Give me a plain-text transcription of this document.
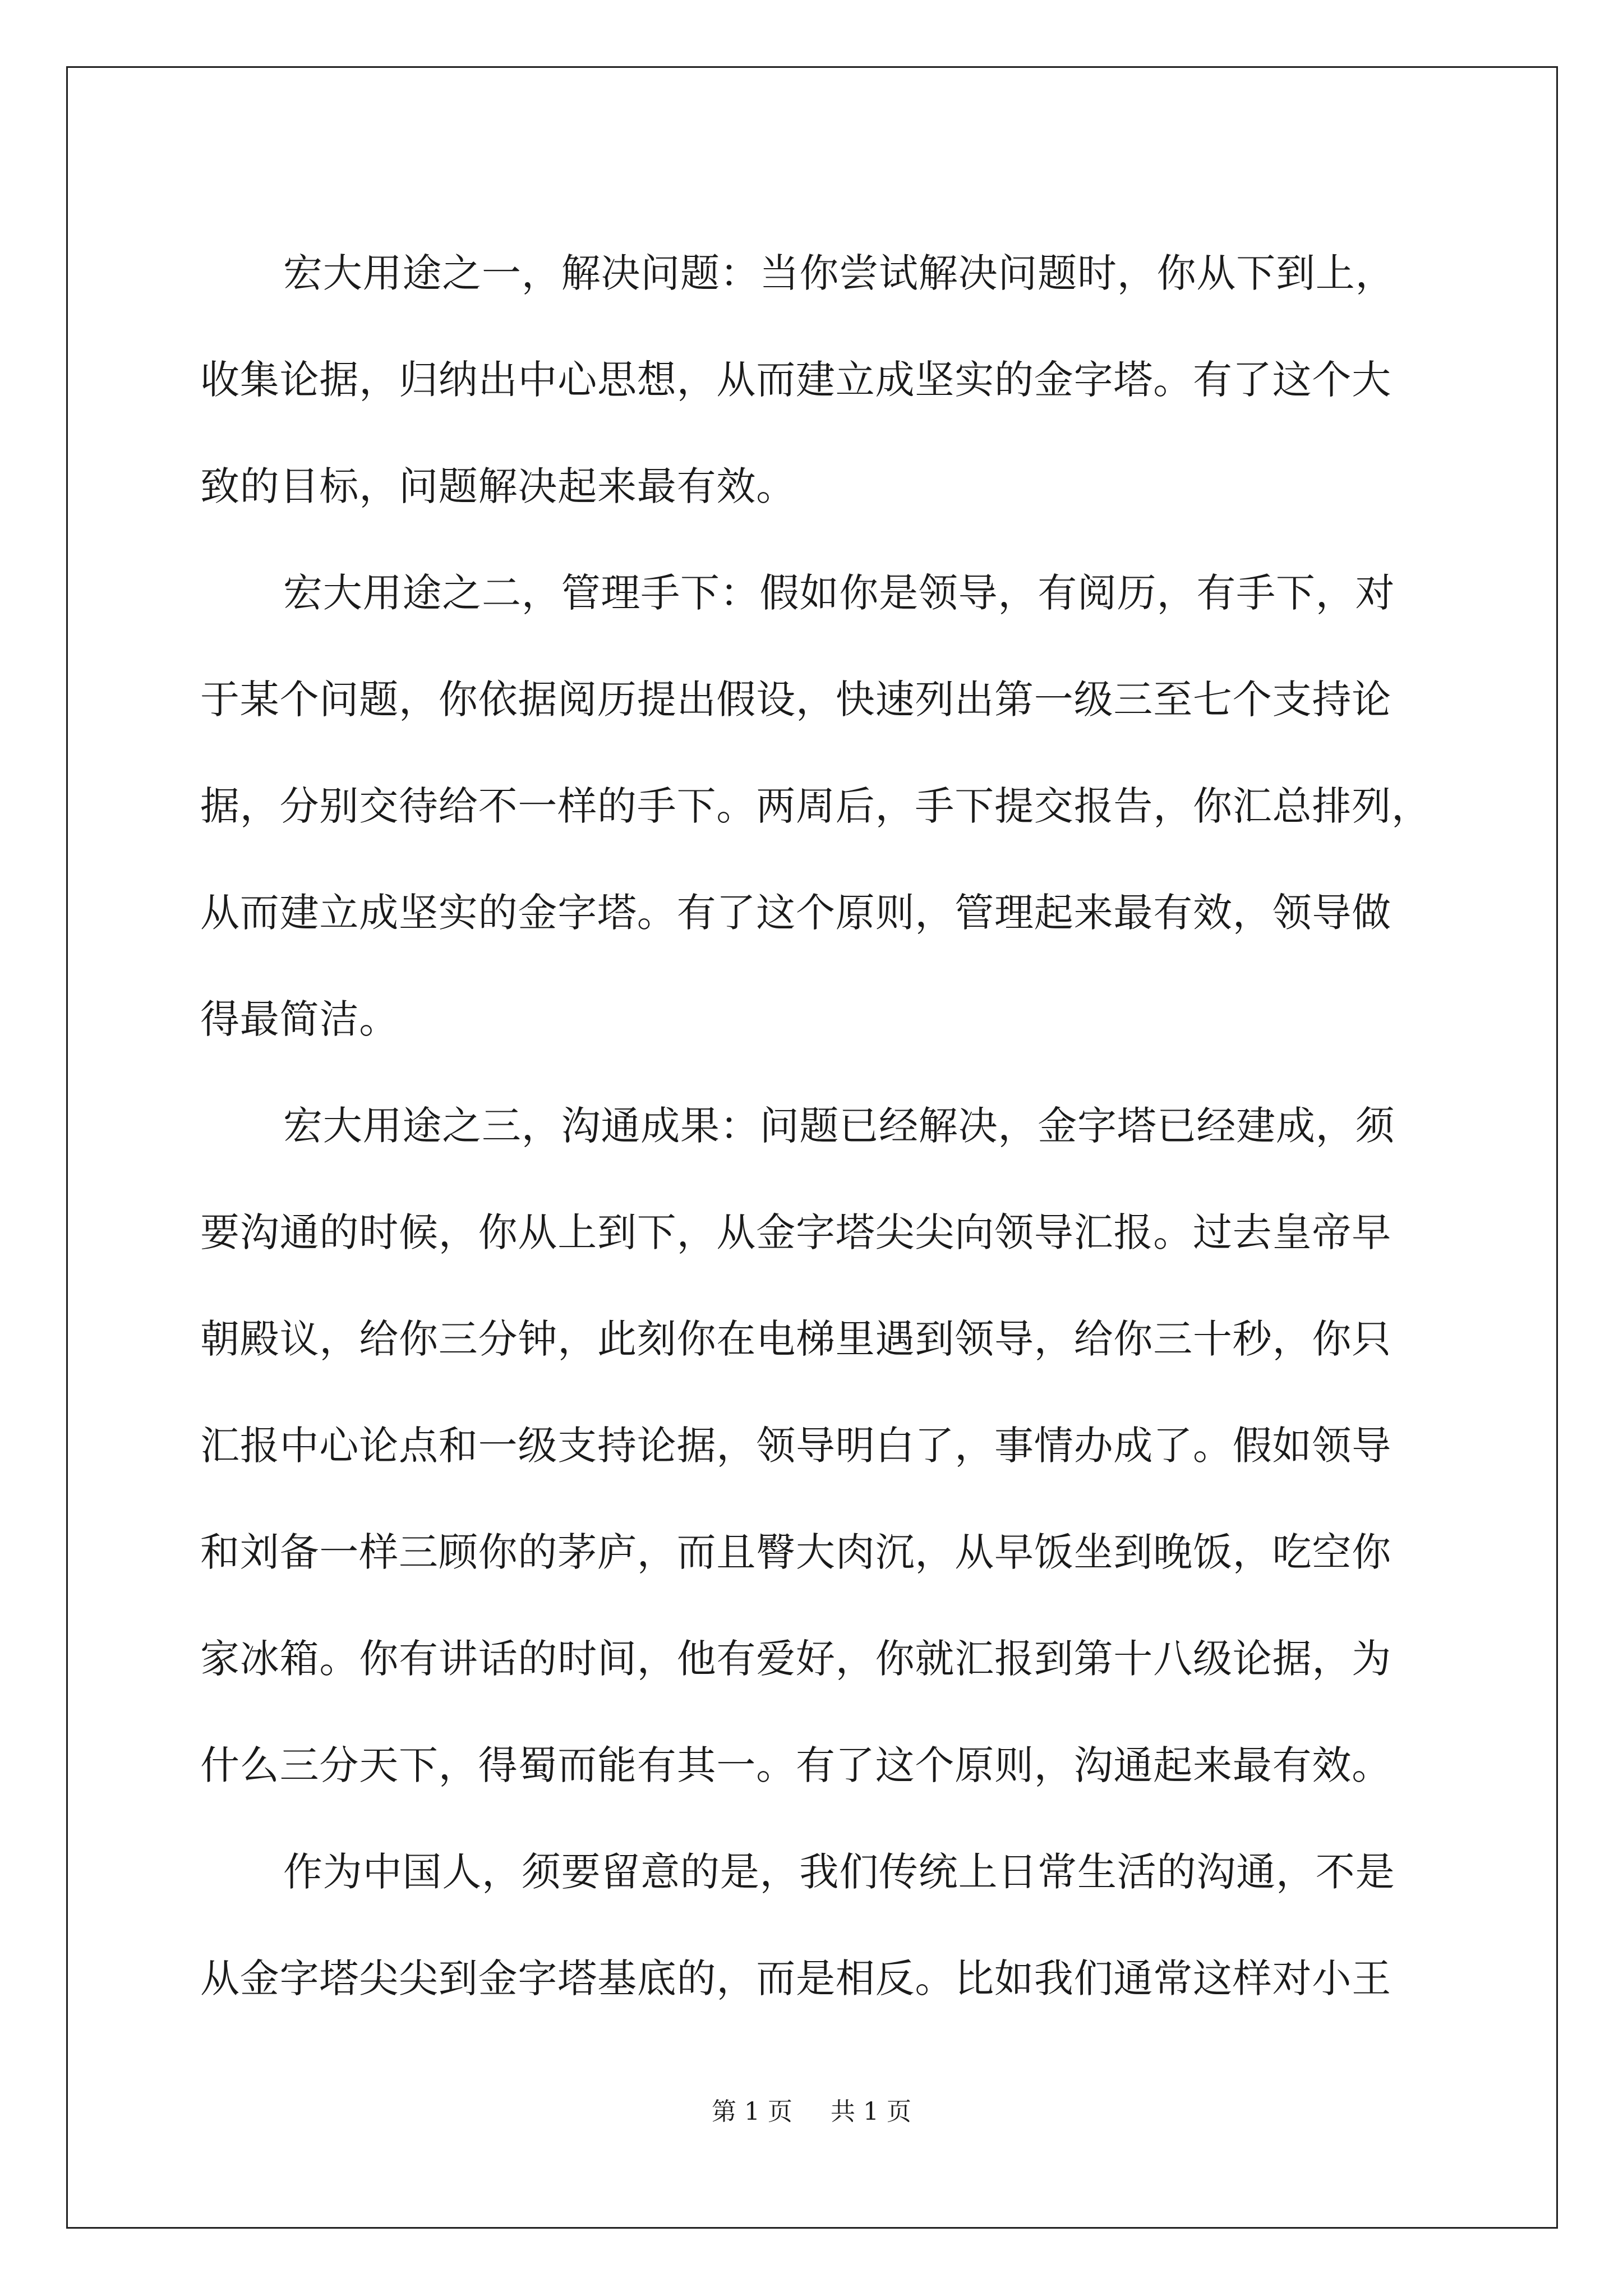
宏大用途之一，解决问题：当你尝试解决问题时，你从下到上，
收集论据，归纳出中心思想，从而建立成坚实的金字塔。有了这个大
致的目标，问题解决起来最有效。
宏大用途之二，管理手下：假如你是领导，有阅历，有手下，对
于某个问题，你依据阅历提出假设，快速列出第一级三至七个支持论
据，分别交待给不一样的手下。两周后，手下提交报告，你汇总排列，
从而建立成坚实的金字塔。有了这个原则，管理起来最有效，领导做
得最简洁。
宏大用途之三，沟通成果：问题已经解决，金字塔已经建成，须
要沟通的时候，你从上到下，从金字塔尖尖向领导汇报。过去皇帝早
朝殿议，给你三分钟，此刻你在电梯里遇到领导，给你三十秒，你只
汇报中心论点和一级支持论据，领导明白了，事情办成了。假如领导
和刘备一样三顾你的茅庐，而且臀大肉沉，从早饭坐到晚饭，吃空你
家冰箱。你有讲话的时间，他有爱好，你就汇报到第十八级论据，为
什么三分天下，得蜀而能有其一。有了这个原则，沟通起来最有效。
作为中国人，须要留意的是，我们传统上日常生活的沟通，不是
从金字塔尖尖到金字塔基底的，而是相反。比如我们通常这样对小王
第 1 页 共 1 页
